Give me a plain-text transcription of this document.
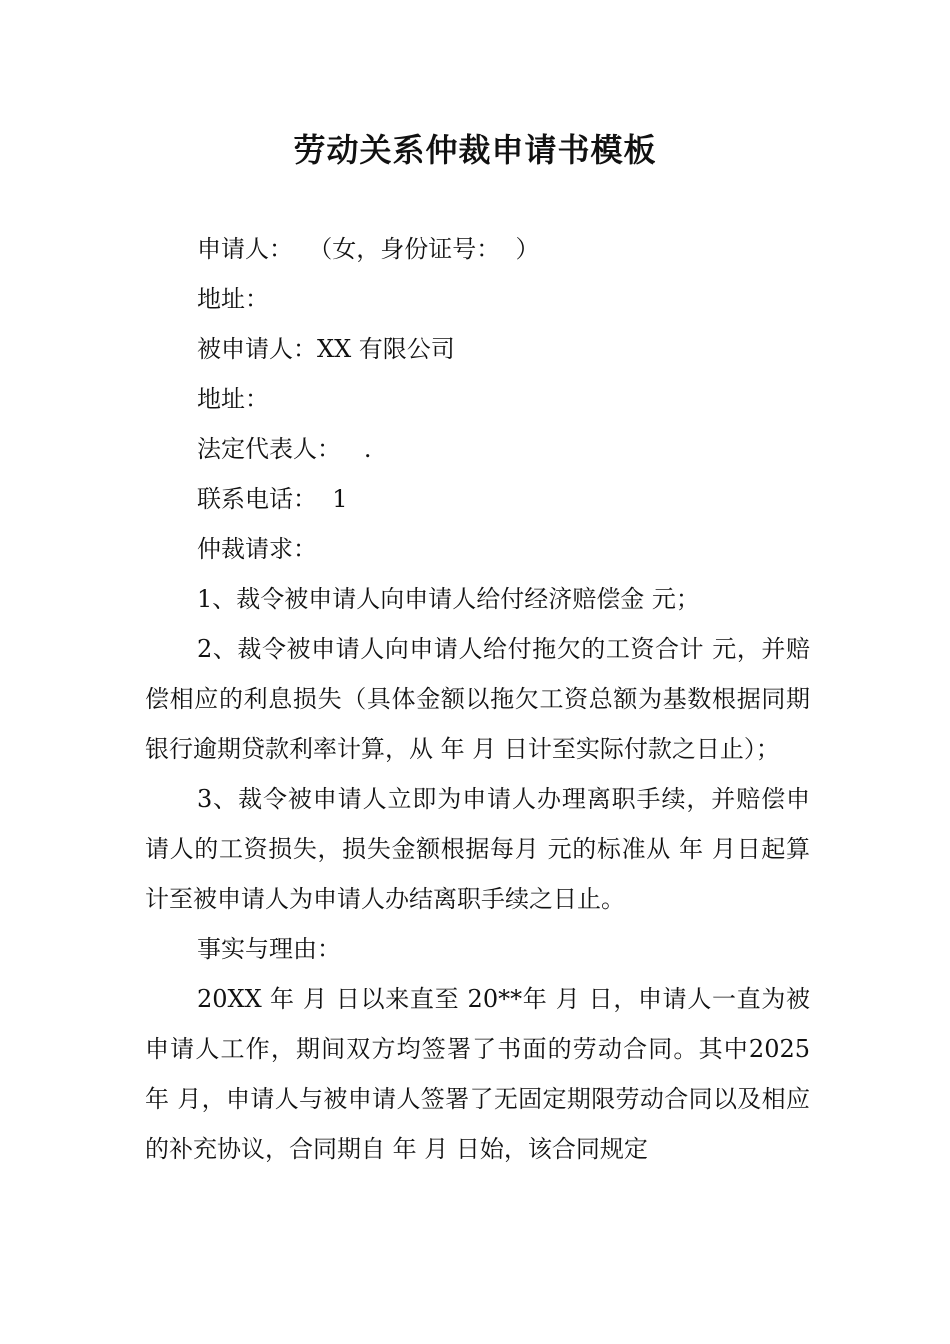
劳动关系仲裁申请书模板

申请人：  （女，身份证号：  ）

地址：

被申请人：XX 有限公司

地址：

法定代表人：   .

联系电话：  1

仲裁请求：

1、裁令被申请人向申请人给付经济赔偿金 元；

2、裁令被申请人向申请人给付拖欠的工资合计 元，并赔偿相应的利息损失（具体金额以拖欠工资总额为基数根据同期银行逾期贷款利率计算，从 年 月 日计至实际付款之日止）；

3、裁令被申请人立即为申请人办理离职手续，并赔偿申请人的工资损失，损失金额根据每月 元的标准从 年 月日起算计至被申请人为申请人办结离职手续之日止。

事实与理由：

20XX 年 月 日以来直至 20**年 月 日，申请人一直为被申请人工作，期间双方均签署了书面的劳动合同。其中2025 年 月，申请人与被申请人签署了无固定期限劳动合同以及相应的补充协议，合同期自 年 月 日始，该合同规定
